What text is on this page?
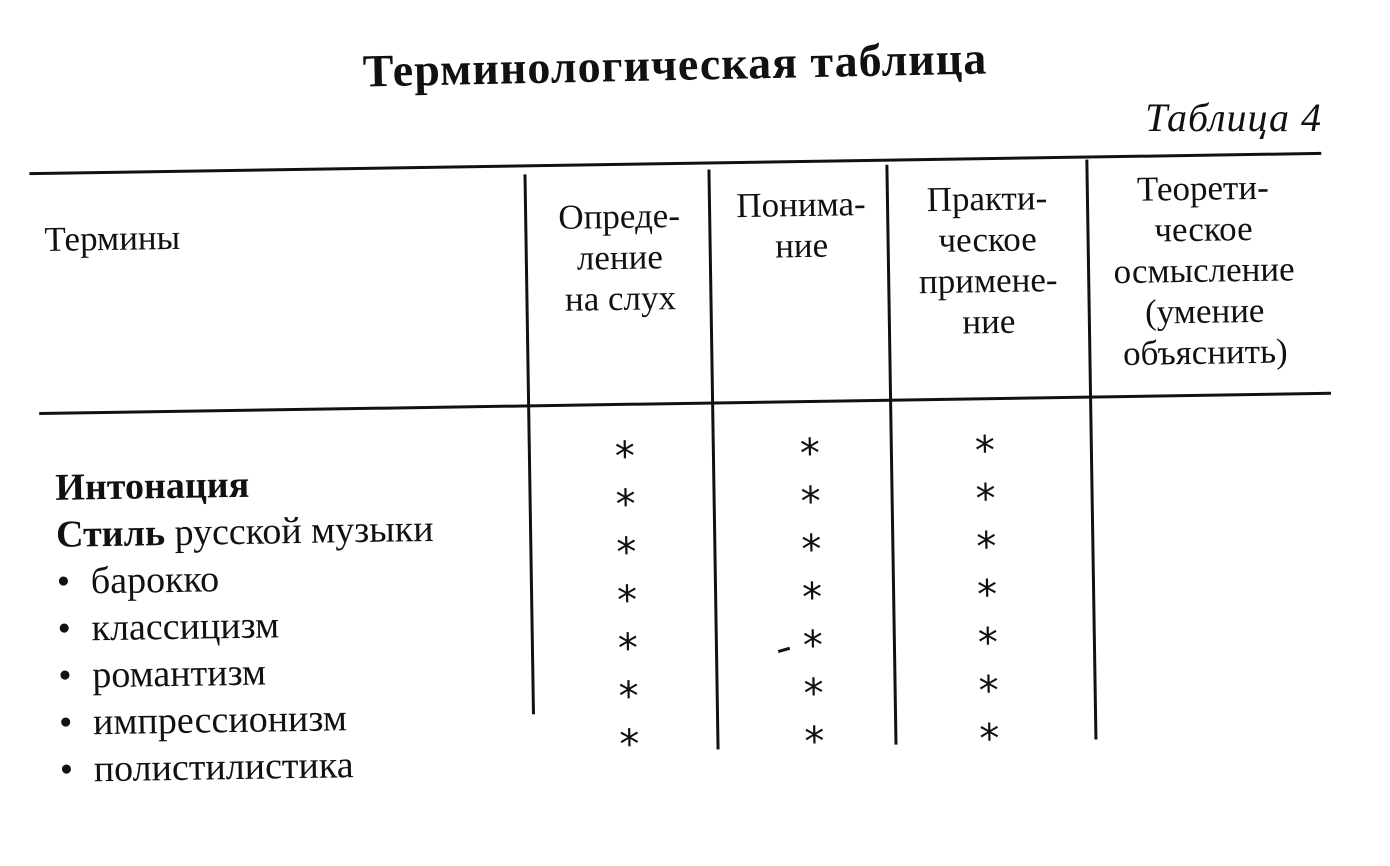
Терминологическая таблица
Таблица 4
Термины
Опреде-
ление
на слух
Понима-
ние
Практи-
ческое
примене-
ние
Теорети-
ческое
осмысление
(умение
объяснить)
Интонация
Стиль русской музыки
• барокко
• классицизм
• романтизм
• импрессионизм
• полистилистика
*
*
*
*
*
*
*
*
*
*
*
*
*
*
*
*
*
*
*
*
*
